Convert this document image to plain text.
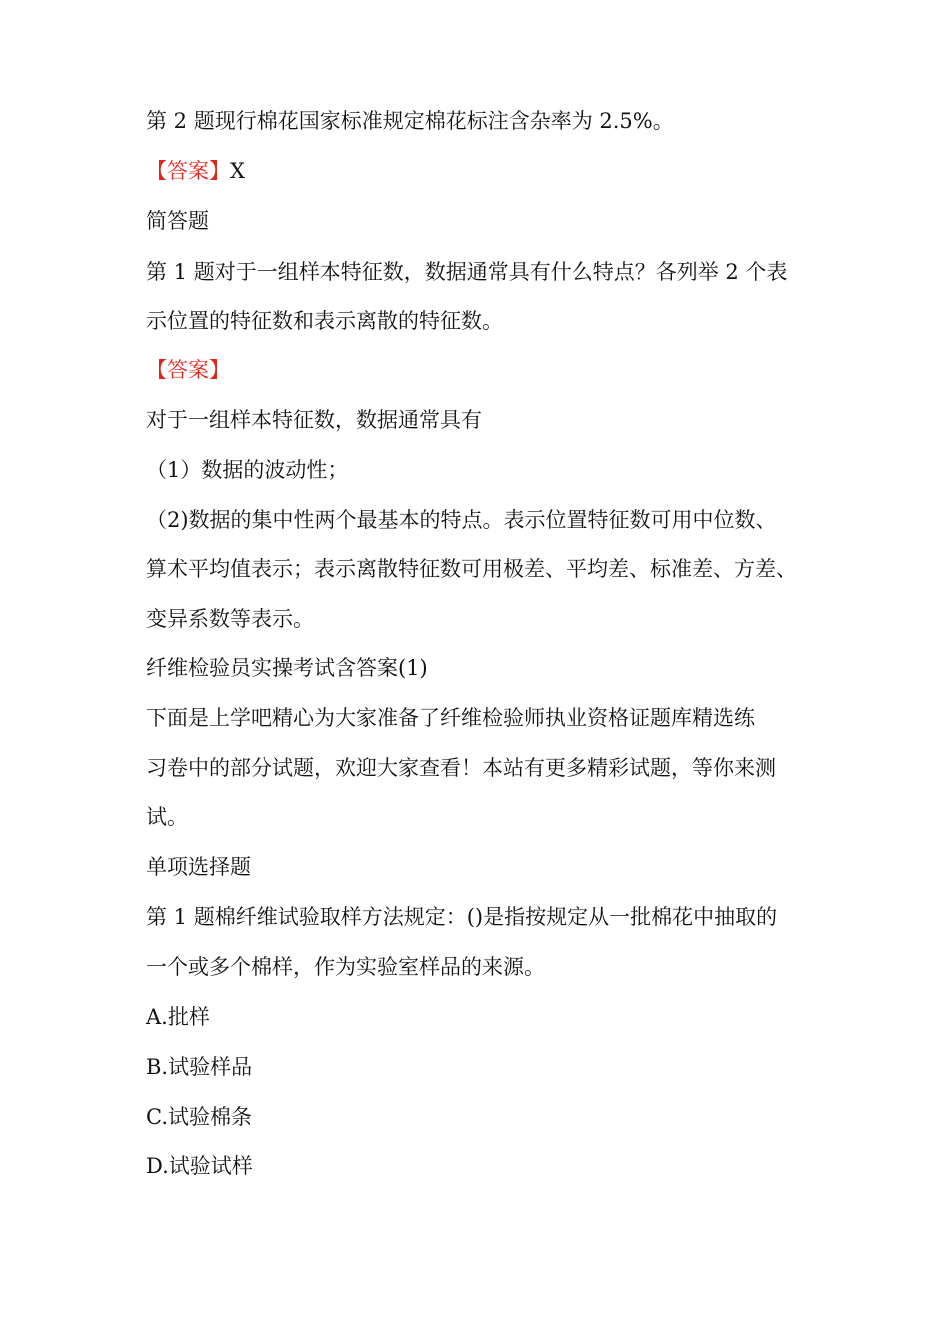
第 2 题现行棉花国家标准规定棉花标注含杂率为 2.5%。
【答案】X
简答题
第 1 题对于一组样本特征数，数据通常具有什么特点？各列举 2 个表
示位置的特征数和表示离散的特征数。
【答案】
对于一组样本特征数，数据通常具有
（1）数据的波动性；
（2)数据的集中性两个最基本的特点。表示位置特征数可用中位数、
算术平均值表示；表示离散特征数可用极差、平均差、标准差、方差、
变异系数等表示。
纤维检验员实操考试含答案(1)
下面是上学吧精心为大家准备了纤维检验师执业资格证题库精选练
习卷中的部分试题，欢迎大家查看！本站有更多精彩试题，等你来测
试。
单项选择题
第 1 题棉纤维试验取样方法规定：()是指按规定从一批棉花中抽取的
一个或多个棉样，作为实验室样品的来源。
A.批样
B.试验样品
C.试验棉条
D.试验试样
